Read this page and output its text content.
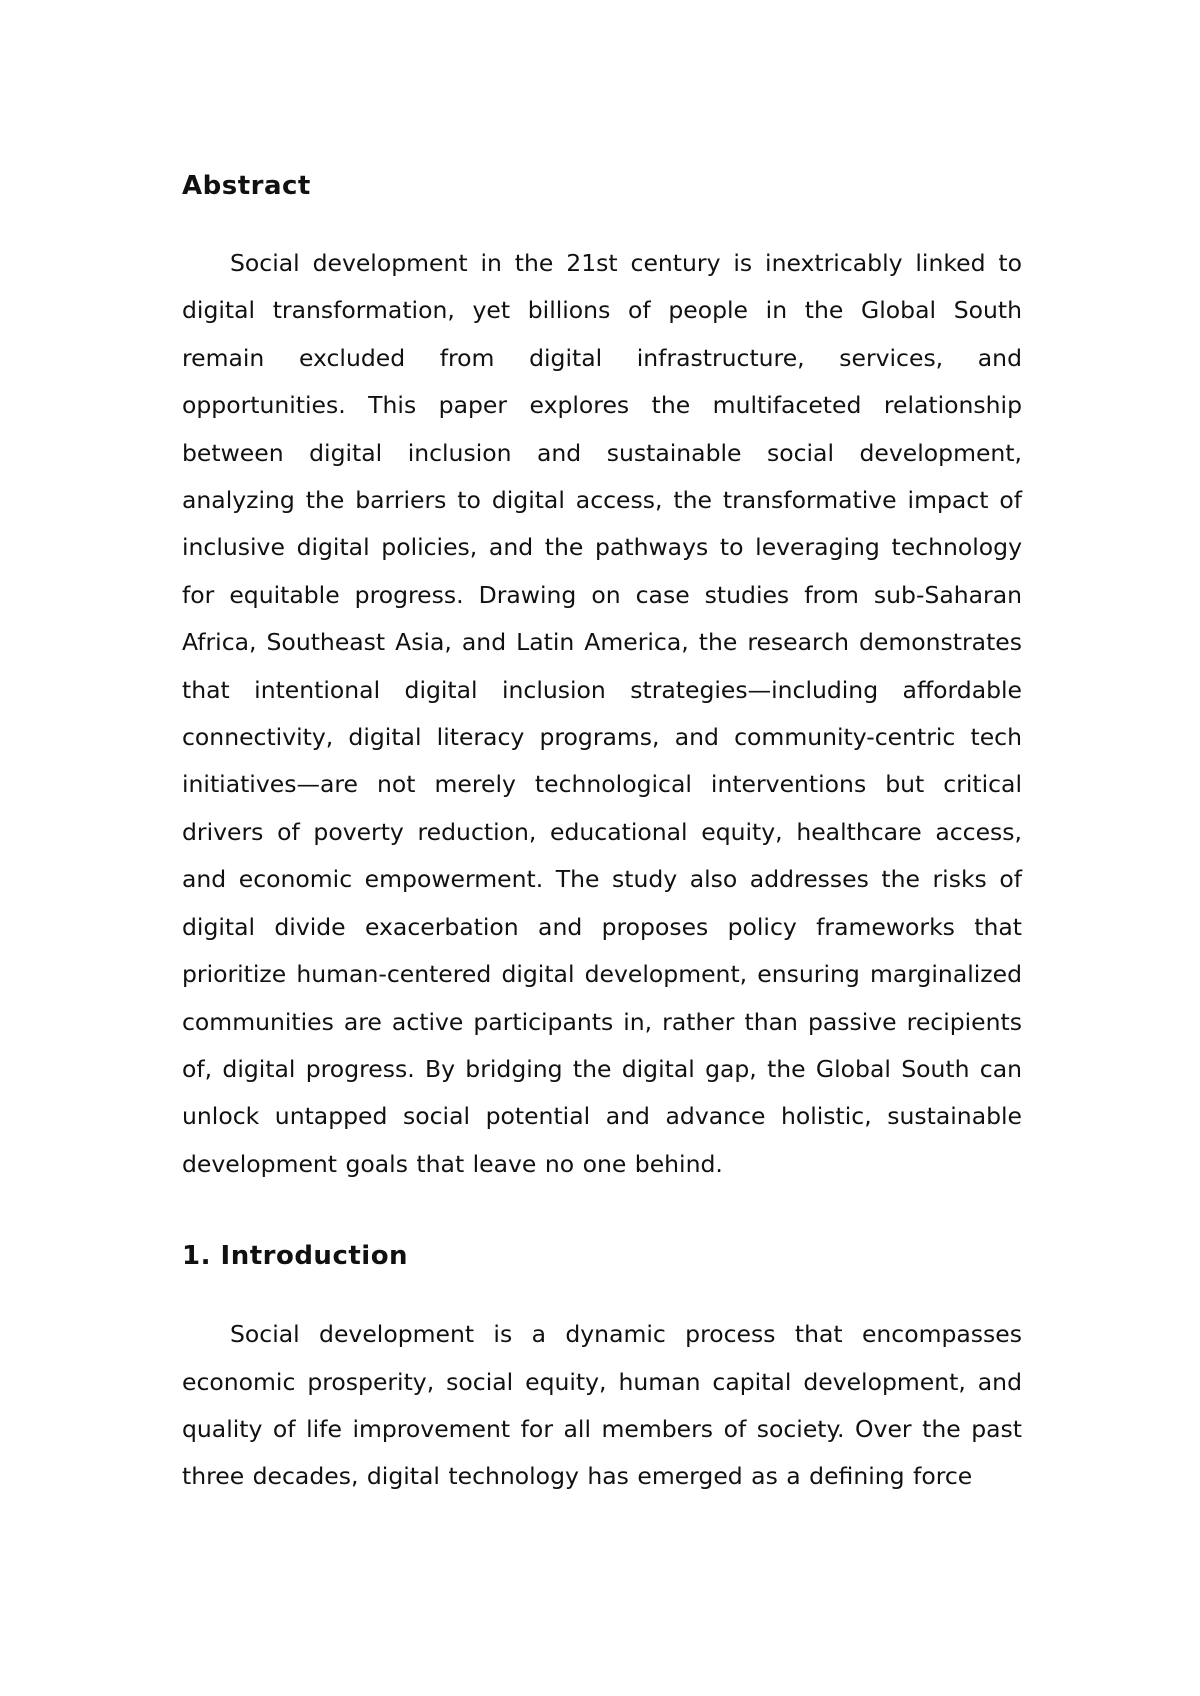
Abstract

Social development in the 21st century is inextricably linked to digital transformation, yet billions of people in the Global South remain excluded from digital infrastructure, services, and opportunities. This paper explores the multifaceted relationship between digital inclusion and sustainable social development, analyzing the barriers to digital access, the transformative impact of inclusive digital policies, and the pathways to leveraging technology for equitable progress. Drawing on case studies from sub-Saharan Africa, Southeast Asia, and Latin America, the research demonstrates that intentional digital inclusion strategies—including affordable connectivity, digital literacy programs, and community-centric tech initiatives—are not merely technological interventions but critical drivers of poverty reduction, educational equity, healthcare access, and economic empowerment. The study also addresses the risks of digital divide exacerbation and proposes policy frameworks that prioritize human-centered digital development, ensuring marginalized communities are active participants in, rather than passive recipients of, digital progress. By bridging the digital gap, the Global South can unlock untapped social potential and advance holistic, sustainable development goals that leave no one behind.

1. Introduction

Social development is a dynamic process that encompasses economic prosperity, social equity, human capital development, and quality of life improvement for all members of society. Over the past three decades, digital technology has emerged as a defining force
